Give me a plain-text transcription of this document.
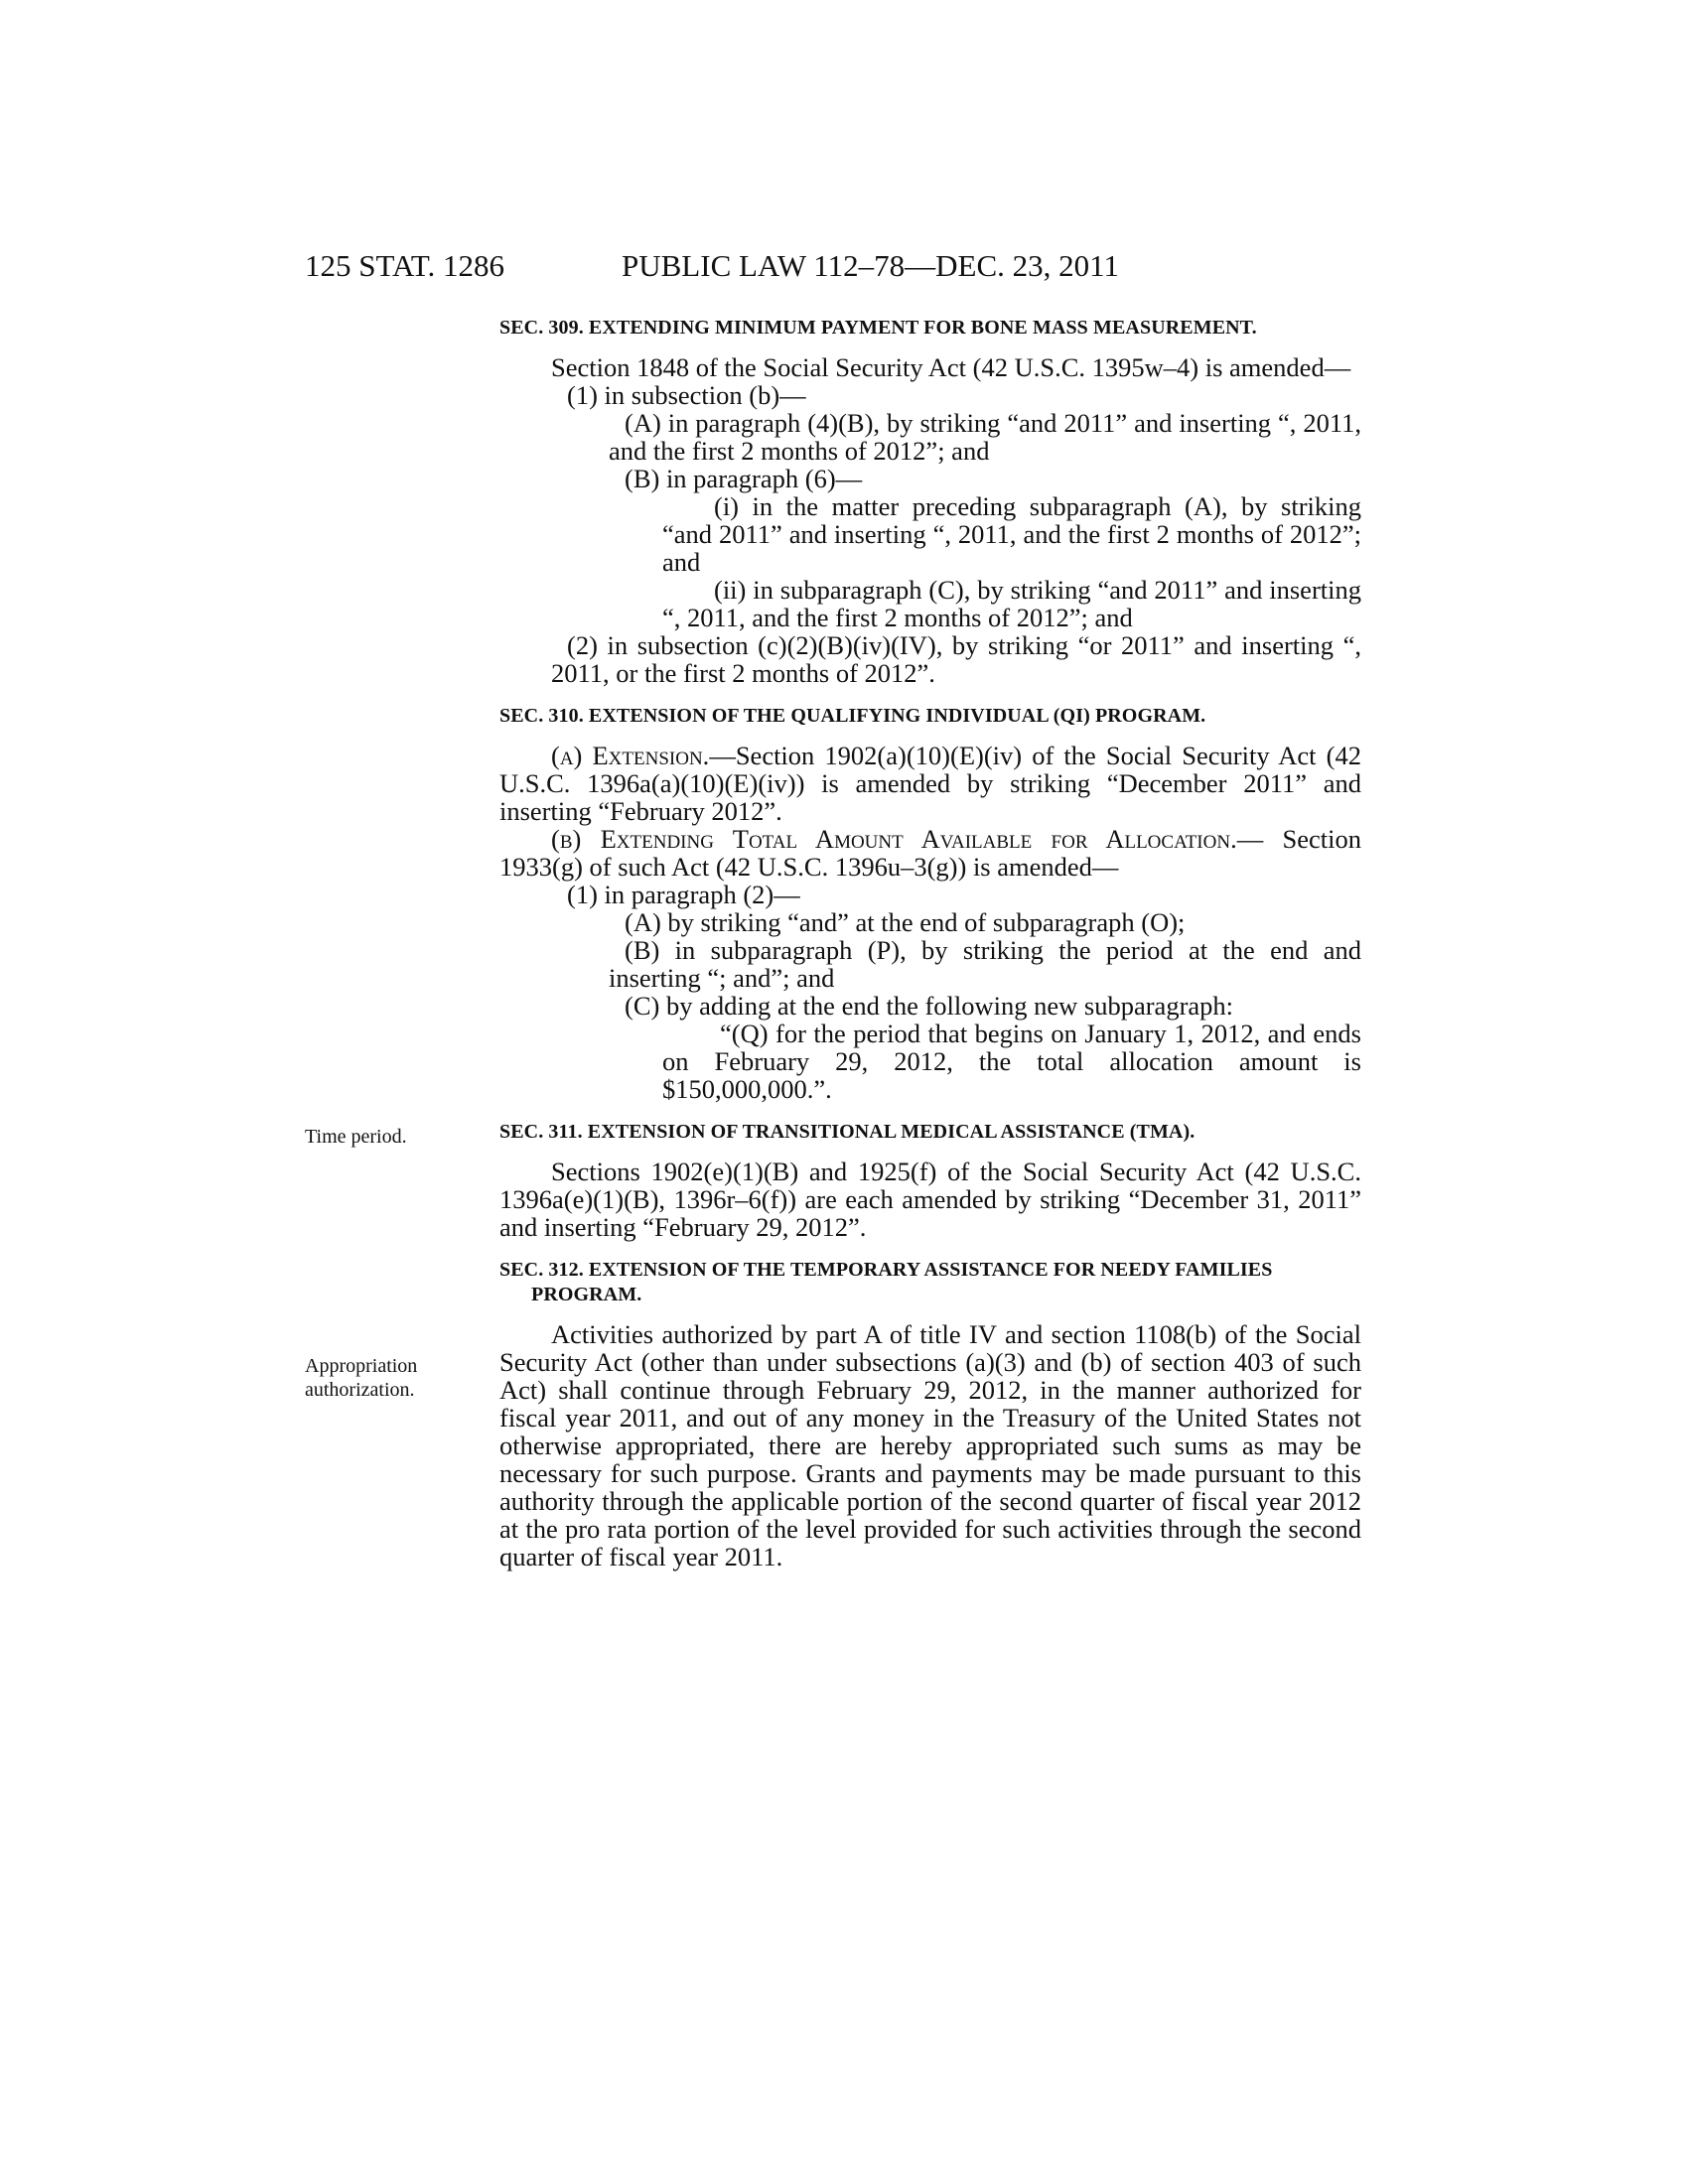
125 STAT. 1286	PUBLIC LAW 112–78—DEC. 23, 2011
Time period.
Appropriation authorization.

SEC. 309. EXTENDING MINIMUM PAYMENT FOR BONE MASS MEASUREMENT.

Section 1848 of the Social Security Act (42 U.S.C. 1395w–4) is amended—

(1) in subsection (b)—

(A) in paragraph (4)(B), by striking “and 2011” and inserting “, 2011, and the first 2 months of 2012”; and

(B) in paragraph (6)—

(i) in the matter preceding subparagraph (A), by striking “and 2011” and inserting “, 2011, and the first 2 months of 2012”; and

(ii) in subparagraph (C), by striking “and 2011” and inserting “, 2011, and the first 2 months of 2012”; and

(2) in subsection (c)(2)(B)(iv)(IV), by striking “or 2011” and inserting “, 2011, or the first 2 months of 2012”.

SEC. 310. EXTENSION OF THE QUALIFYING INDIVIDUAL (QI) PROGRAM.

(a) Extension.—Section 1902(a)(10)(E)(iv) of the Social Security Act (42 U.S.C. 1396a(a)(10)(E)(iv)) is amended by striking “December 2011” and inserting “February 2012”.

(b) Extending Total Amount Available for Allocation.— Section 1933(g) of such Act (42 U.S.C. 1396u–3(g)) is amended—

(1) in paragraph (2)—

(A) by striking “and” at the end of subparagraph (O);

(B) in subparagraph (P), by striking the period at the end and inserting “; and”; and

(C) by adding at the end the following new subparagraph:

“(Q) for the period that begins on January 1, 2012, and ends on February 29, 2012, the total allocation amount is $150,000,000.”.

SEC. 311. EXTENSION OF TRANSITIONAL MEDICAL ASSISTANCE (TMA).

Sections 1902(e)(1)(B) and 1925(f) of the Social Security Act (42 U.S.C. 1396a(e)(1)(B), 1396r–6(f)) are each amended by striking “December 31, 2011” and inserting “February 29, 2012”.

SEC. 312. EXTENSION OF THE TEMPORARY ASSISTANCE FOR NEEDY FAMILIES PROGRAM.

Activities authorized by part A of title IV and section 1108(b) of the Social Security Act (other than under subsections (a)(3) and (b) of section 403 of such Act) shall continue through February 29, 2012, in the manner authorized for fiscal year 2011, and out of any money in the Treasury of the United States not otherwise appropriated, there are hereby appropriated such sums as may be necessary for such purpose. Grants and payments may be made pursuant to this authority through the applicable portion of the second quarter of fiscal year 2012 at the pro rata portion of the level provided for such activities through the second quarter of fiscal year 2011.
